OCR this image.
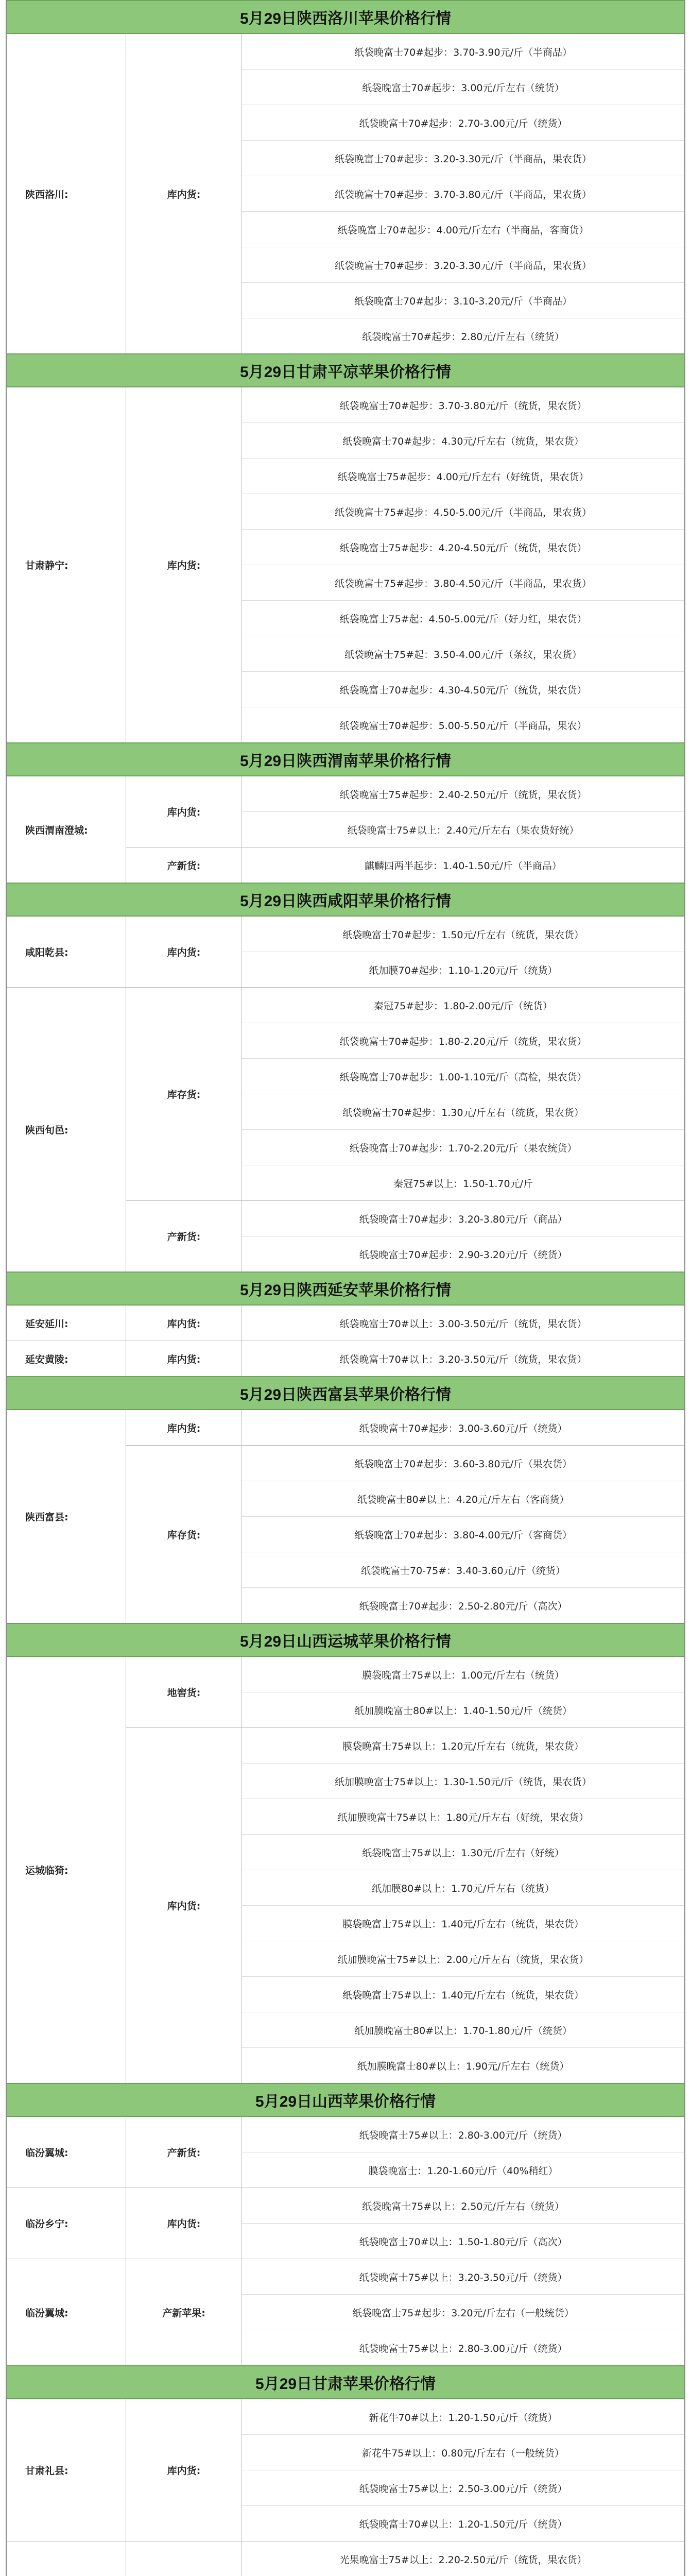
5月29日陕西洛川苹果价格行情
陕西洛川:	库内货:
纸袋晚富士70#起步：3.70-3.90元/斤（半商品）
纸袋晚富士70#起步：3.00元/斤左右（统货）
纸袋晚富士70#起步：2.70-3.00元/斤（统货）
纸袋晚富士70#起步：3.20-3.30元/斤（半商品，果农货）
纸袋晚富士70#起步：3.70-3.80元/斤（半商品，果农货）
纸袋晚富士70#起步：4.00元/斤左右（半商品，客商货）
纸袋晚富士70#起步：3.20-3.30元/斤（半商品，果农货）
纸袋晚富士70#起步：3.10-3.20元/斤（半商品）
纸袋晚富士70#起步：2.80元/斤左右（统货）
5月29日甘肃平凉苹果价格行情
甘肃静宁:	库内货:
纸袋晚富士70#起步：3.70-3.80元/斤（统货，果农货）
纸袋晚富士70#起步：4.30元/斤左右（统货，果农货）
纸袋晚富士75#起步：4.00元/斤左右（好统货，果农货）
纸袋晚富士75#起步：4.50-5.00元/斤（半商品，果农货）
纸袋晚富士75#起步：4.20-4.50元/斤（统货，果农货）
纸袋晚富士75#起步：3.80-4.50元/斤（半商品，果农货）
纸袋晚富士75#起：4.50-5.00元/斤（好力红，果农货）
纸袋晚富士75#起：3.50-4.00元/斤（条纹，果农货）
纸袋晚富士70#起步：4.30-4.50元/斤（统货，果农货）
纸袋晚富士70#起步：5.00-5.50元/斤（半商品，果农）
5月29日陕西渭南苹果价格行情
陕西渭南澄城:
库内货:
纸袋晚富士75#起步：2.40-2.50元/斤（统货，果农货）
纸袋晚富士75#以上：2.40元/斤左右（果农货好统）
产新货:	麒麟四两半起步：1.40-1.50元/斤（半商品）
5月29日陕西咸阳苹果价格行情
咸阳乾县:	库内货:
纸袋晚富士70#起步：1.50元/斤左右（统货，果农货）
纸加膜70#起步：1.10-1.20元/斤（统货）
陕西旬邑:
库存货:
秦冠75#起步：1.80-2.00元/斤（统货）
纸袋晚富士70#起步：1.80-2.20元/斤（统货，果农货）
纸袋晚富士70#起步：1.00-1.10元/斤（高检，果农货）
纸袋晚富士70#起步：1.30元/斤左右（统货，果农货）
纸袋晚富士70#起步：1.70-2.20元/斤（果农统货）
秦冠75#以上：1.50-1.70元/斤
产新货:
纸袋晚富士70#起步：3.20-3.80元/斤（商品）
纸袋晚富士70#起步：2.90-3.20元/斤（统货）
5月29日陕西延安苹果价格行情
延安延川:	库内货:	纸袋晚富士70#以上：3.00-3.50元/斤（统货，果农货）
延安黄陵:	库内货:	纸袋晚富士70#以上：3.20-3.50元/斤（统货，果农货）
5月29日陕西富县苹果价格行情
陕西富县:
库内货:	纸袋晚富士70#起步：3.00-3.60元/斤（统货）
库存货:
纸袋晚富士70#起步：3.60-3.80元/斤（果农货）
纸袋晚富士80#以上：4.20元/斤左右（客商货）
纸袋晚富士70#起步：3.80-4.00元/斤（客商货）
纸袋晚富士70-75#：3.40-3.60元/斤（统货）
纸袋晚富士70#起步：2.50-2.80元/斤（高次）
5月29日山西运城苹果价格行情
运城临猗:
地窖货:
膜袋晚富士75#以上：1.00元/斤左右（统货）
纸加膜晚富士80#以上：1.40-1.50元/斤（统货）
库内货:
膜袋晚富士75#以上：1.20元/斤左右（统货，果农货）
纸加膜晚富士75#以上：1.30-1.50元/斤（统货，果农货）
纸加膜晚富士75#以上：1.80元/斤左右（好统，果农货）
纸袋晚富士75#以上：1.30元/斤左右（好统）
纸加膜80#以上：1.70元/斤左右（统货）
膜袋晚富士75#以上：1.40元/斤左右（统货，果农货）
纸加膜晚富士75#以上：2.00元/斤左右（统货，果农货）
纸袋晚富士75#以上：1.40元/斤左右（统货，果农货）
纸加膜晚富士80#以上：1.70-1.80元/斤（统货）
纸加膜晚富士80#以上：1.90元/斤左右（统货）
5月29日山西苹果价格行情
临汾翼城:	产新货:
纸袋晚富士75#以上：2.80-3.00元/斤（统货）
膜袋晚富士：1.20-1.60元/斤（40%稍红）
临汾乡宁:	库内货:
纸袋晚富士75#以上：2.50元/斤左右（统货）
纸袋晚富士70#以上：1.50-1.80元/斤（高次）
临汾翼城:	产新苹果:
纸袋晚富士75#以上：3.20-3.50元/斤（统货）
纸袋晚富士75#起步：3.20元/斤左右（一般统货）
纸袋晚富士75#以上：2.80-3.00元/斤（统货）
5月29日甘肃苹果价格行情
甘肃礼县:	库内货:
新花牛70#以上：1.20-1.50元/斤（统货）
新花牛75#以上：0.80元/斤左右（一般统货）
纸袋晚富士75#以上：2.50-3.00元/斤（统货）
纸袋晚富士70#以上：1.20-1.50元/斤（统货）
光果晚富士75#以上：2.20-2.50元/斤（统货，果农货）
